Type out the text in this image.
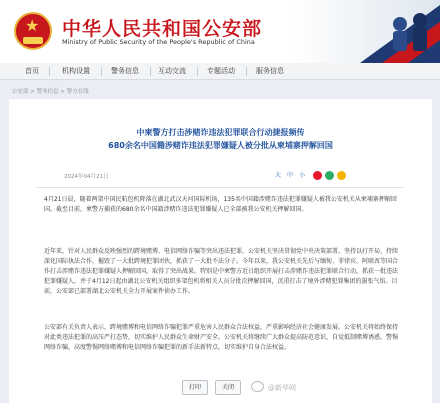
★ 中华人民共和国公安部
Ministry of Public Security of the People's Republic of China
首页	机构设置	警务信息	互动交流	专题活动	服务信息
公安部 > 警务信息 > 警方在线
中柬警方打击涉赌诈违法犯罪联合行动捷报频传
680余名中国籍涉赌诈违法犯罪嫌疑人被分批从柬埔寨押解回国
2024年04月21日	大 中 小
4月21日晨，随着两架中国民航包机降落在湖北武汉天河国际机场，135名中国籍涉赌诈违法犯罪嫌疑人被我公安机关从柬埔寨押解回国。截至目前，柬警方捕获的680余名中国籍涉赌诈违法犯罪嫌疑人已全部被我公安机关押解回国。
近年来，针对人民群众反映强烈的跨境赌博、电信网络诈骗等突出违法犯罪，公安机关坚决贯彻党中央决策部署，坚持以打开局、持续深化国际执法合作，摧毁了一大批跨境犯罪团伙，抓获了一大批不法分子。今年以来，我公安机关先后与缅甸、菲律宾、阿联酋等国合作打击涉赌诈违法犯罪嫌疑人押解回国，取得了突出战果。特别是中柬警方近日组织开展打击涉赌诈违法犯罪联合行动，抓获一批违法犯罪嫌疑人，并于4月12日起由湖北公安机关组织多架包机将相关人员分批次押解回国，沉重打击了境外涉赌犯罪集团的嚣张气焰。目前，公安部已部署湖北公安机关全力开展案件侦办工作。
公安部有关负责人表示，跨境赌博和电信网络诈骗犯罪严重危害人民群众合法权益，严重影响经济社会健康发展。公安机关将始终保持对此类违法犯罪的高压严打态势，切实维护人民群众生命财产安全。公安机关将继续广大群众提高防范意识，自觉抵制赌博诱惑，警惕网络诈骗，高度警惕网络赌博和电信网络诈骗犯罪的新手法新特点，切实维护自身合法权益。
打印	关闭	@新华网
